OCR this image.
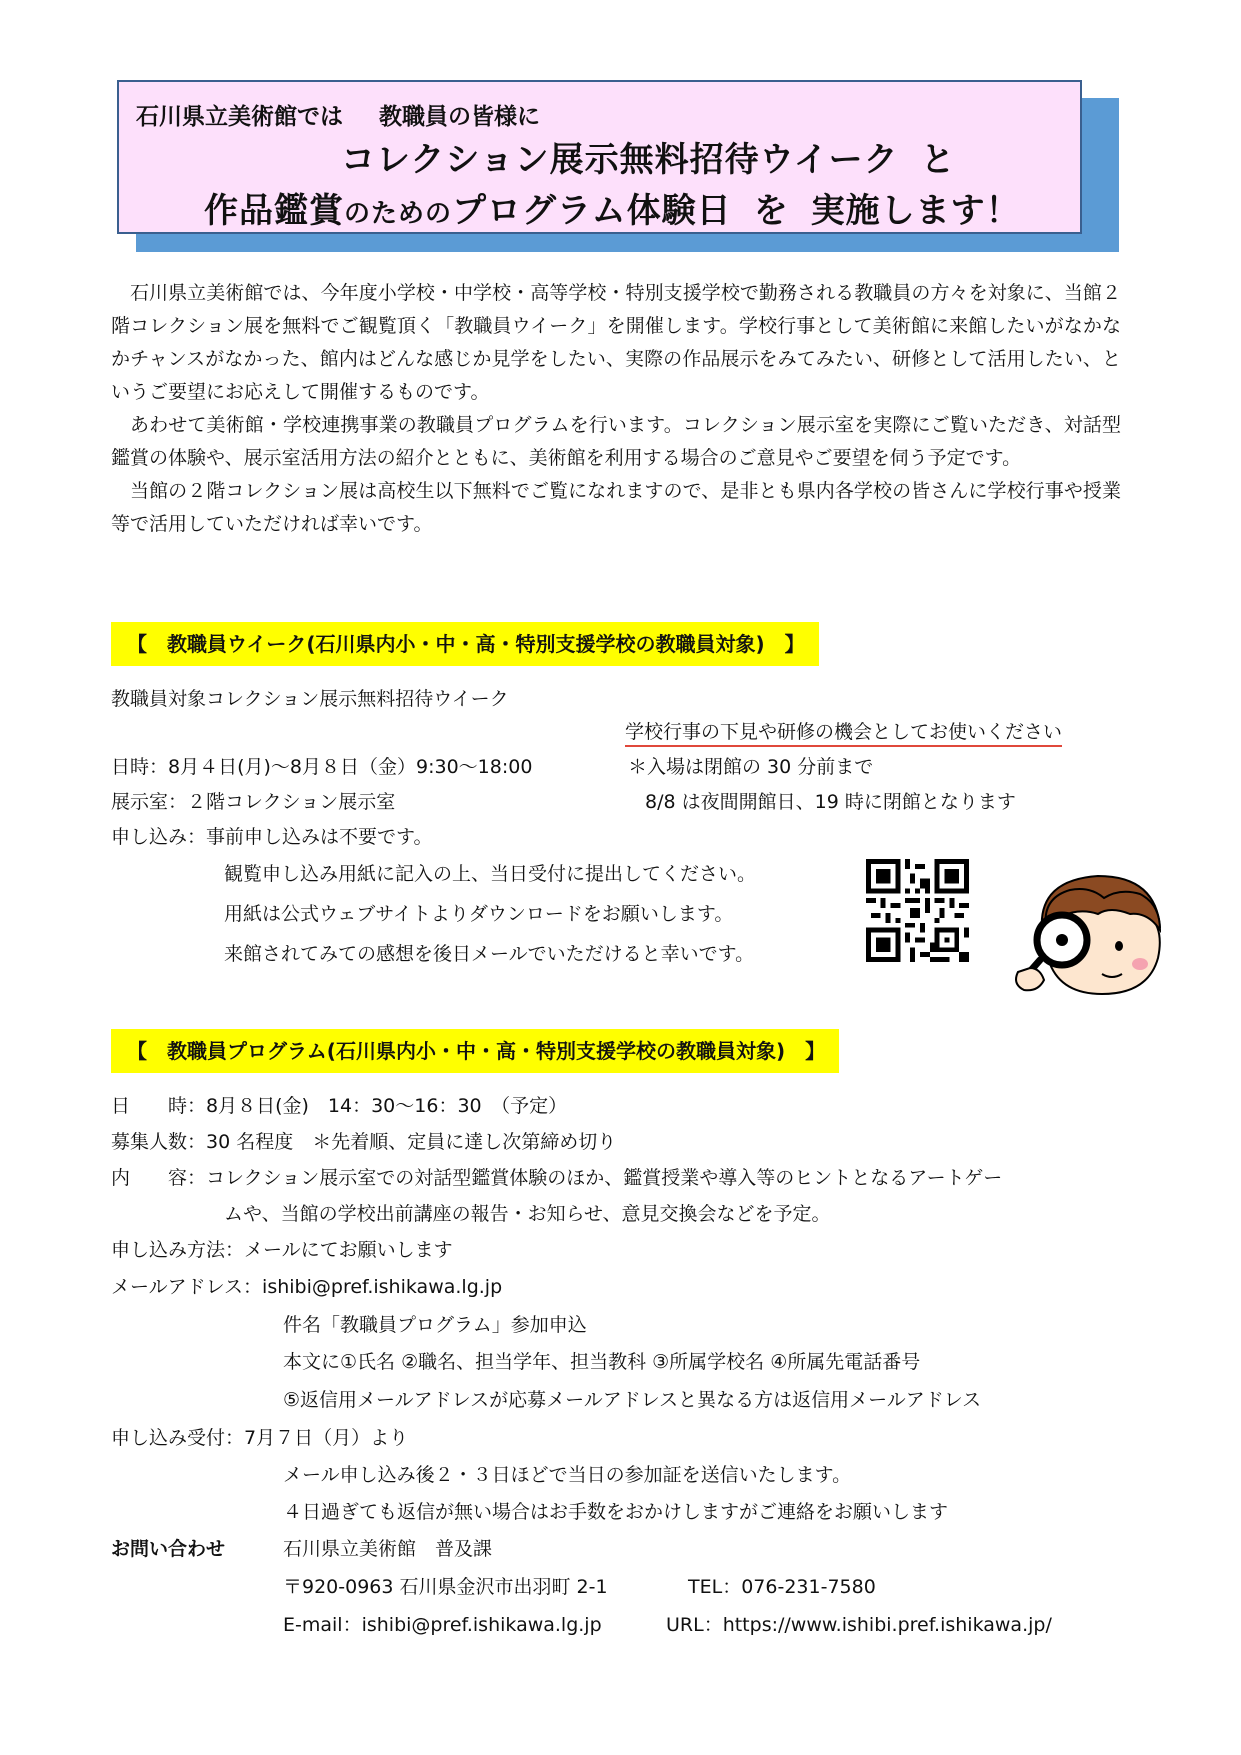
石川県立美術館では 教職員の皆様に
コレクション展示無料招待ウイーク と
作品鑑賞のためのプログラム体験日 を 実施します！

石川県立美術館では、今年度小学校・中学校・高等学校・特別支援学校で勤務される教職員の方々を対象に、当館２階コレクション展を無料でご観覧頂く「教職員ウイーク」を開催します。学校行事として美術館に来館したいがなかなかチャンスがなかった、館内はどんな感じか見学をしたい、実際の作品展示をみてみたい、研修として活用したい、というご要望にお応えして開催するものです。

あわせて美術館・学校連携事業の教職員プログラムを行います。コレクション展示室を実際にご覧いただき、対話型鑑賞の体験や、展示室活用方法の紹介とともに、美術館を利用する場合のご意見やご要望を伺う予定です。

当館の２階コレクション展は高校生以下無料でご覧になれますので、是非とも県内各学校の皆さんに学校行事や授業等で活用していただければ幸いです。

【　教職員ウイーク(石川県内小・中・高・特別支援学校の教職員対象)　】
教職員対象コレクション展示無料招待ウイーク
学校行事の下見や研修の機会としてお使いください
日時：8月４日(月)～8月８日（金）9:30～18:00	＊入場は閉館の 30 分前まで
展示室：２階コレクション展示室	8/8 は夜間開館日、19 時に閉館となります
申し込み：事前申し込みは不要です。
観覧申し込み用紙に記入の上、当日受付に提出してください。
用紙は公式ウェブサイトよりダウンロードをお願いします。
来館されてみての感想を後日メールでいただけると幸いです。
【　教職員プログラム(石川県内小・中・高・特別支援学校の教職員対象)　】
日　　時：8月８日(金)　14：30～16：30　（予定）
募集人数：30 名程度　＊先着順、定員に達し次第締め切り
内　　容：コレクション展示室での対話型鑑賞体験のほか、鑑賞授業や導入等のヒントとなるアートゲー
ムや、当館の学校出前講座の報告・お知らせ、意見交換会などを予定。
申し込み方法：メールにてお願いします
メールアドレス：ishibi@pref.ishikawa.lg.jp
件名「教職員プログラム」参加申込
本文に①氏名 ②職名、担当学年、担当教科 ③所属学校名 ④所属先電話番号
⑤返信用メールアドレスが応募メールアドレスと異なる方は返信用メールアドレス
申し込み受付：7月７日（月）より
メール申し込み後２・３日ほどで当日の参加証を送信いたします。
４日過ぎても返信が無い場合はお手数をおかけしますがご連絡をお願いします
お問い合わせ	石川県立美術館　普及課
〒920-0963 石川県金沢市出羽町 2-1	TEL：076-231-7580
E-mail：ishibi@pref.ishikawa.lg.jp	URL：https://www.ishibi.pref.ishikawa.jp/
